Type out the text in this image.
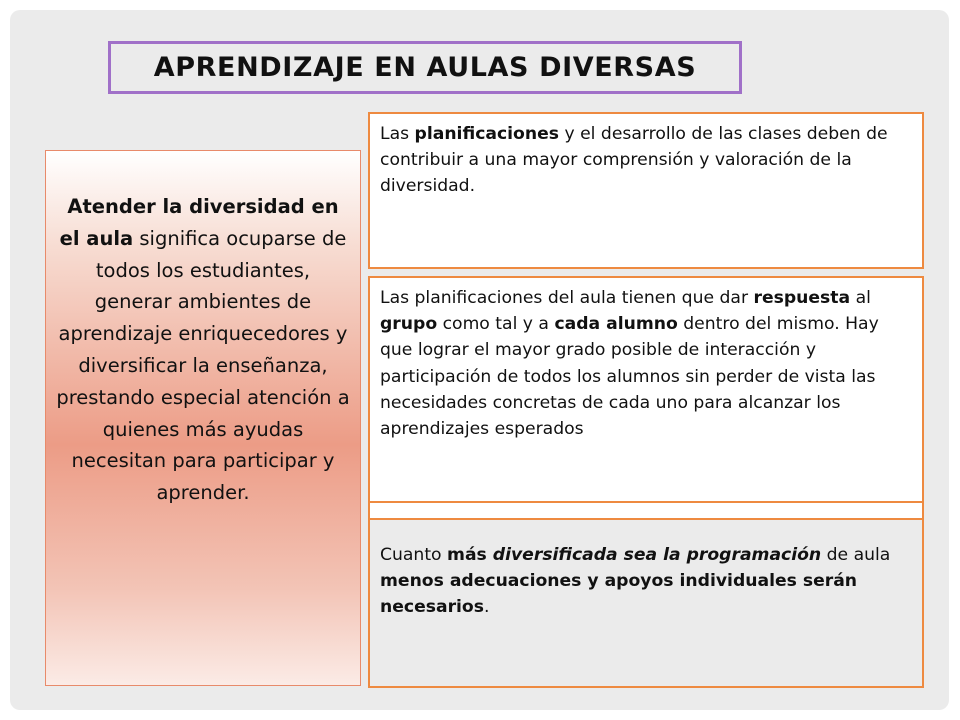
APRENDIZAJE EN AULAS DIVERSAS
Atender la diversidad en el aula significa ocuparse de todos los estudiantes, generar ambientes de aprendizaje enriquecedores y diversificar la enseñanza, prestando especial atención a quienes más ayudas necesitan para participar y aprender.
Las planificaciones y el desarrollo de las clases deben de contribuir a una mayor comprensión y valoración de la diversidad.
Las planificaciones del aula tienen que dar respuesta al grupo como tal y a cada alumno dentro del mismo. Hay que lograr el mayor grado posible de interacción y participación de todos los alumnos sin perder de vista las necesidades concretas de cada uno para alcanzar los aprendizajes esperados
Cuanto más diversificada sea la programación de aula menos adecuaciones y apoyos individuales serán necesarios.
